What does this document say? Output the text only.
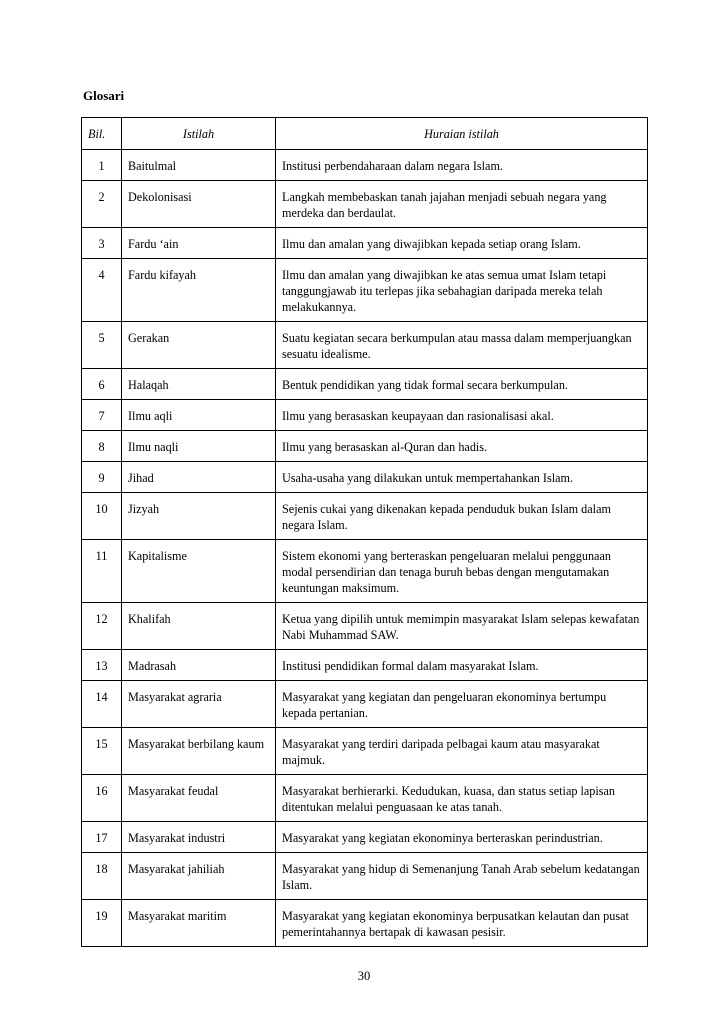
Glosari
Bil.	Istilah	Huraian istilah
1	Baitulmal	Institusi perbendaharaan dalam negara Islam.
2	Dekolonisasi	Langkah membebaskan tanah jajahan menjadi sebuah negara yang merdeka dan berdaulat.
3	Fardu ‘ain	Ilmu dan amalan yang diwajibkan kepada setiap orang Islam.
4	Fardu kifayah	Ilmu dan amalan yang diwajibkan ke atas semua umat Islam tetapi tanggungjawab itu terlepas jika sebahagian daripada mereka telah melakukannya.
5	Gerakan	Suatu kegiatan secara berkumpulan atau massa dalam memperjuangkan sesuatu idealisme.
6	Halaqah	Bentuk pendidikan yang tidak formal secara berkumpulan.
7	Ilmu aqli	Ilmu yang berasaskan keupayaan dan rasionalisasi akal.
8	Ilmu naqli	Ilmu yang berasaskan al-Quran dan hadis.
9	Jihad	Usaha-usaha yang dilakukan untuk mempertahankan Islam.
10	Jizyah	Sejenis cukai yang dikenakan kepada penduduk bukan Islam dalam negara Islam.
11	Kapitalisme	Sistem ekonomi yang berteraskan pengeluaran melalui penggunaan modal persendirian dan tenaga buruh bebas dengan mengutamakan keuntungan maksimum.
12	Khalifah	Ketua yang dipilih untuk memimpin masyarakat Islam selepas kewafatan Nabi Muhammad SAW.
13	Madrasah	Institusi pendidikan formal dalam masyarakat Islam.
14	Masyarakat agraria	Masyarakat yang kegiatan dan pengeluaran ekonominya bertumpu kepada pertanian.
15	Masyarakat berbilang kaum	Masyarakat yang terdiri daripada pelbagai kaum atau masyarakat majmuk.
16	Masyarakat feudal	Masyarakat berhierarki. Kedudukan, kuasa, dan status setiap lapisan ditentukan melalui penguasaan ke atas tanah.
17	Masyarakat industri	Masyarakat yang kegiatan ekonominya berteraskan perindustrian.
18	Masyarakat jahiliah	Masyarakat yang hidup di Semenanjung Tanah Arab sebelum kedatangan Islam.
19	Masyarakat maritim	Masyarakat yang kegiatan ekonominya berpusatkan kelautan dan pusat pemerintahannya bertapak di kawasan pesisir.
30
